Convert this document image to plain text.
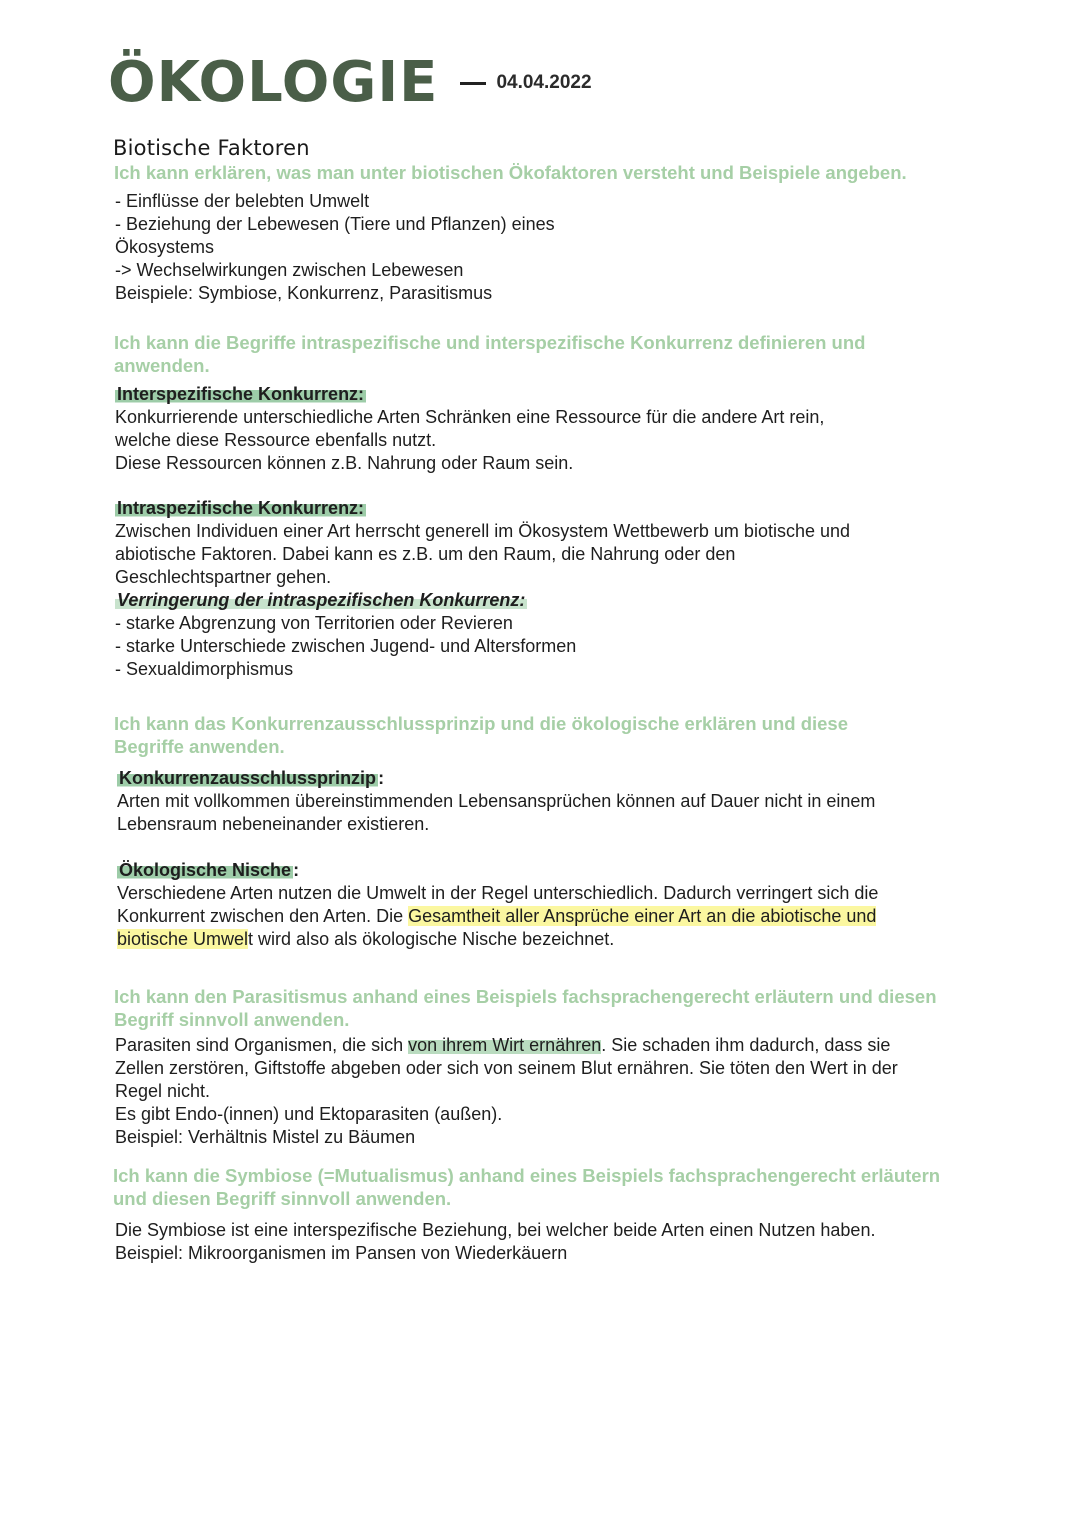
ÖKOLOGIE	04.04.2022
Biotische Faktoren
Ich kann erklären, was man unter biotischen Ökofaktoren versteht und Beispiele angeben.

- Einflüsse der belebten Umwelt

- Beziehung der Lebewesen (Tiere und Pflanzen) eines

Ökosystems

-> Wechselwirkungen zwischen Lebewesen

Beispiele: Symbiose, Konkurrenz, Parasitismus

Ich kann die Begriffe intraspezifische und interspezifische Konkurrenz definieren und
anwenden.

Interspezifische Konkurrenz:

Konkurrierende unterschiedliche Arten Schränken eine Ressource für die andere Art rein,

welche diese Ressource ebenfalls nutzt.

Diese Ressourcen können z.B. Nahrung oder Raum sein.

Intraspezifische Konkurrenz:

Zwischen Individuen einer Art herrscht generell im Ökosystem Wettbewerb um biotische und

abiotische Faktoren. Dabei kann es z.B. um den Raum, die Nahrung oder den

Geschlechtspartner gehen.

Verringerung der intraspezifischen Konkurrenz:

- starke Abgrenzung von Territorien oder Revieren

- starke Unterschiede zwischen Jugend- und Altersformen

- Sexualdimorphismus

Ich kann das Konkurrenzausschlussprinzip und die ökologische erklären und diese
Begriffe anwenden.

Konkurrenzausschlussprinzip :

Arten mit vollkommen übereinstimmenden Lebensansprüchen können auf Dauer nicht in einem

Lebensraum nebeneinander existieren.

Ökologische Nische :

Verschiedene Arten nutzen die Umwelt in der Regel unterschiedlich. Dadurch verringert sich die

Konkurrent zwischen den Arten. Die Gesamtheit aller Ansprüche einer Art an die abiotische und

biotische Umwelt wird also als ökologische Nische bezeichnet.

Ich kann den Parasitismus anhand eines Beispiels fachsprachengerecht erläutern und diesen
Begriff sinnvoll anwenden.

Parasiten sind Organismen, die sich von ihrem Wirt ernähren. Sie schaden ihm dadurch, dass sie

Zellen zerstören, Giftstoffe abgeben oder sich von seinem Blut ernähren. Sie töten den Wert in der

Regel nicht.

Es gibt Endo-(innen) und Ektoparasiten (außen).

Beispiel: Verhältnis Mistel zu Bäumen

Ich kann die Symbiose (=Mutualismus) anhand eines Beispiels fachsprachengerecht erläutern
und diesen Begriff sinnvoll anwenden.

Die Symbiose ist eine interspezifische Beziehung, bei welcher beide Arten einen Nutzen haben.

Beispiel: Mikroorganismen im Pansen von Wiederkäuern
